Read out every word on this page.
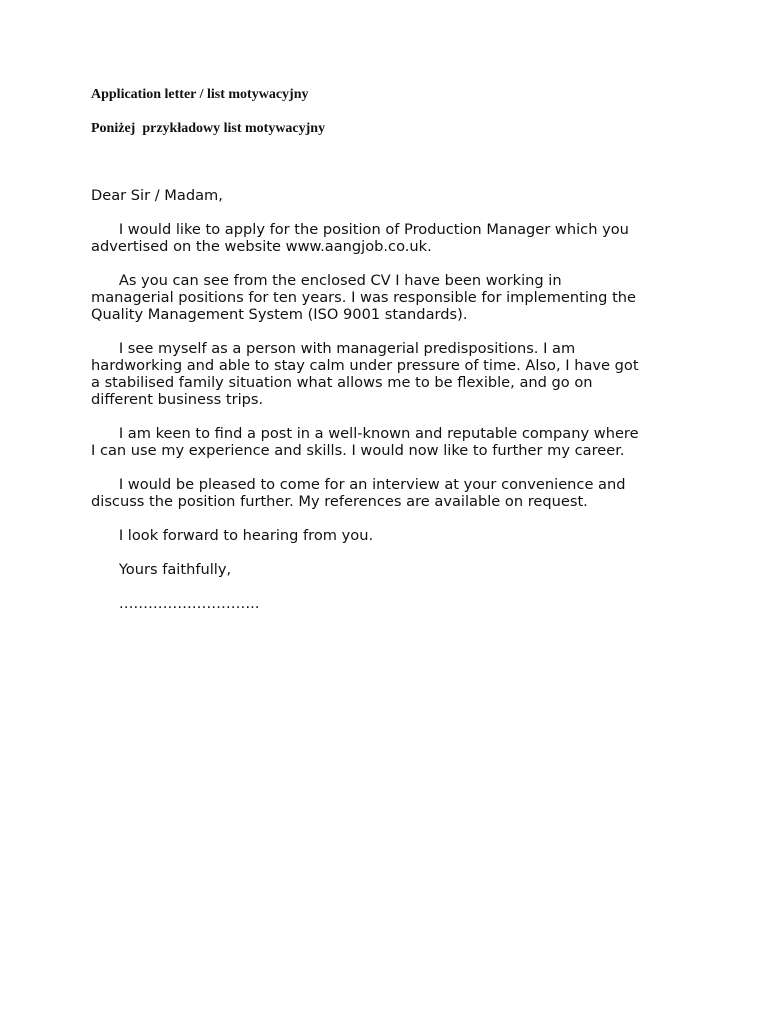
Application letter / list motywacyjny

Poniżej  przykładowy list motywacyjny

Dear Sir / Madam,

I would like to apply for the position of Production Manager which you
advertised on the website www.aangjob.co.uk.
As you can see from the enclosed CV I have been working in
managerial positions for ten years. I was responsible for implementing the
Quality Management System (ISO 9001 standards).
I see myself as a person with managerial predispositions. I am
hardworking and able to stay calm under pressure of time. Also, I have got
a stabilised family situation what allows me to be flexible, and go on
different business trips.
I am keen to find a post in a well-known and reputable company where
I can use my experience and skills. I would now like to further my career.
I would be pleased to come for an interview at your convenience and
discuss the position further. My references are available on request.
I look forward to hearing from you.
Yours faithfully,
………………………..
